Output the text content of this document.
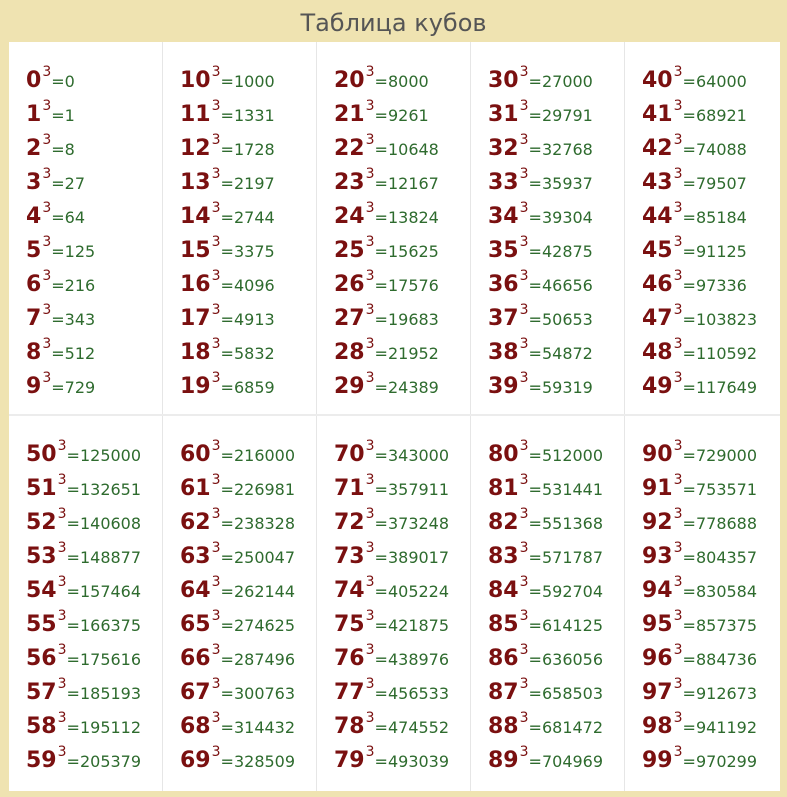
Таблица кубов
03=0
13=1
23=8
33=27
43=64
53=125
63=216
73=343
83=512
93=729
103=1000
113=1331
123=1728
133=2197
143=2744
153=3375
163=4096
173=4913
183=5832
193=6859
203=8000
213=9261
223=10648
233=12167
243=13824
253=15625
263=17576
273=19683
283=21952
293=24389
303=27000
313=29791
323=32768
333=35937
343=39304
353=42875
363=46656
373=50653
383=54872
393=59319
403=64000
413=68921
423=74088
433=79507
443=85184
453=91125
463=97336
473=103823
483=110592
493=117649
503=125000
513=132651
523=140608
533=148877
543=157464
553=166375
563=175616
573=185193
583=195112
593=205379
603=216000
613=226981
623=238328
633=250047
643=262144
653=274625
663=287496
673=300763
683=314432
693=328509
703=343000
713=357911
723=373248
733=389017
743=405224
753=421875
763=438976
773=456533
783=474552
793=493039
803=512000
813=531441
823=551368
833=571787
843=592704
853=614125
863=636056
873=658503
883=681472
893=704969
903=729000
913=753571
923=778688
933=804357
943=830584
953=857375
963=884736
973=912673
983=941192
993=970299
